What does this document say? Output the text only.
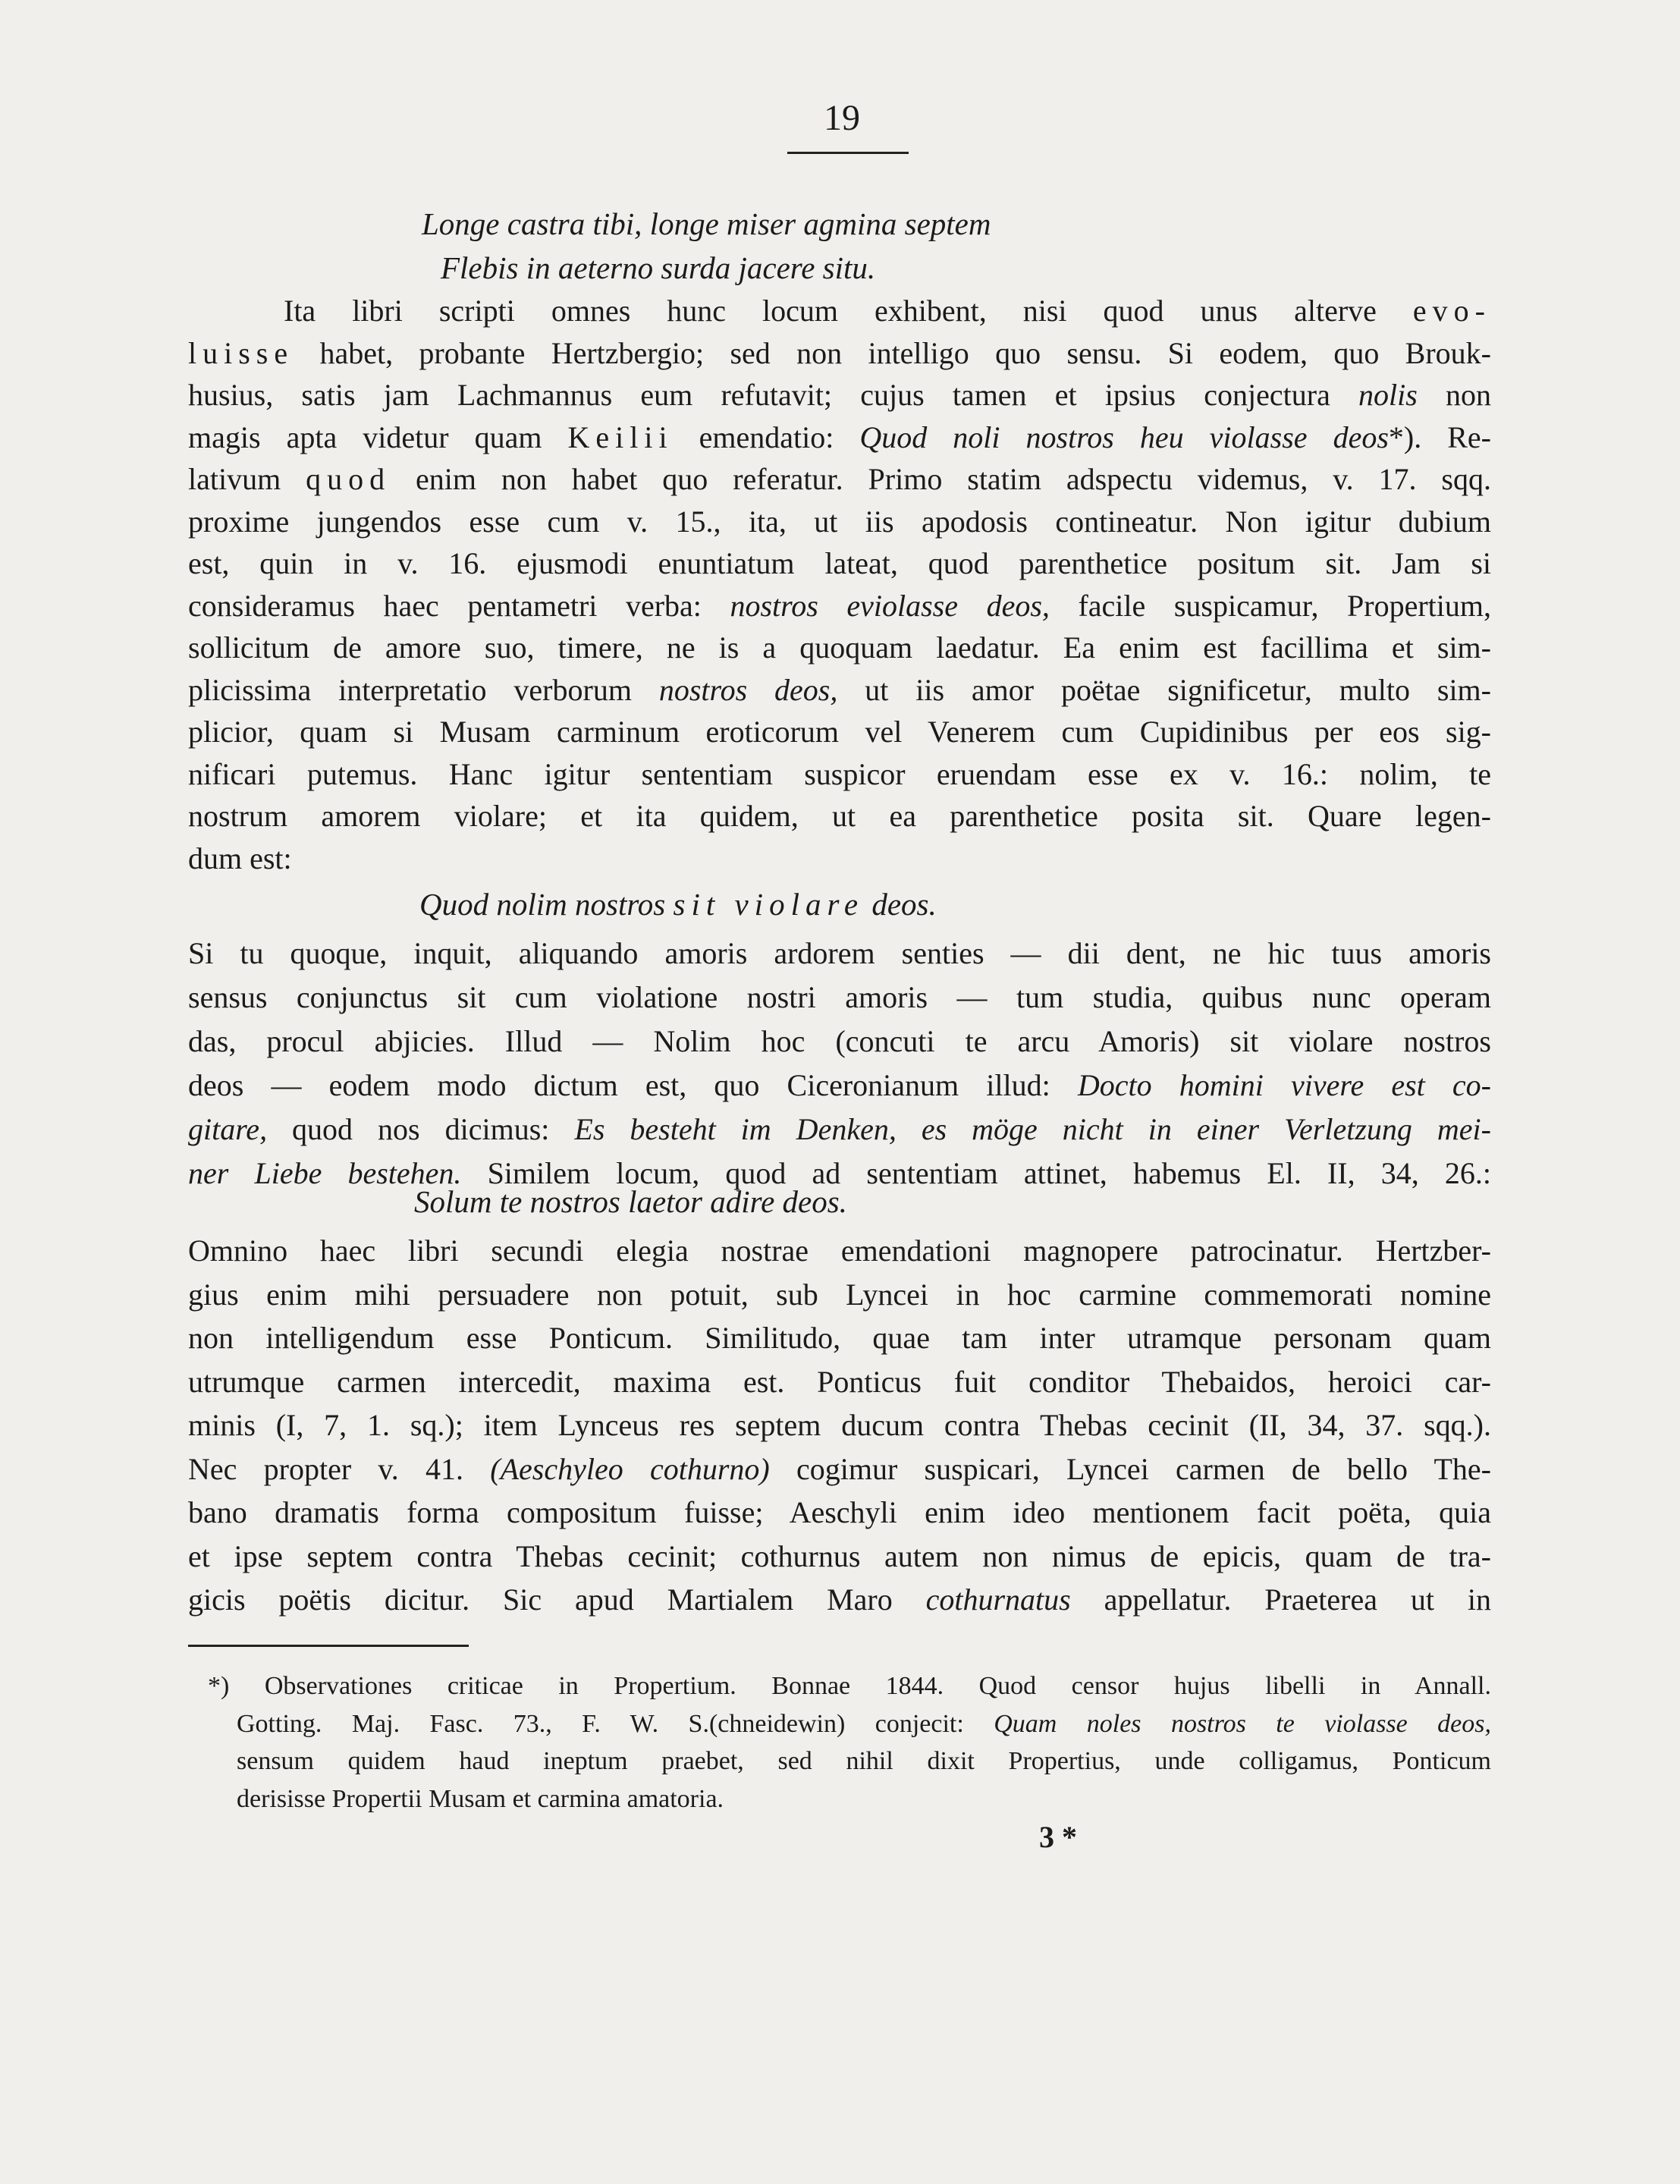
19
Longe castra tibi, longe miser agmina septem
Flebis in aeterno surda jacere situ.
Ita libri scripti omnes hunc locum exhibent, nisi quod unus alterve evo-
luisse habet, probante Hertzbergio; sed non intelligo quo sensu. Si eodem, quo Brouk-
husius, satis jam Lachmannus eum refutavit; cujus tamen et ipsius conjectura nolis non
magis apta videtur quam Keilii emendatio: Quod noli nostros heu violasse deos*). Re-
lativum quod enim non habet quo referatur. Primo statim adspectu videmus, v. 17. sqq.
proxime jungendos esse cum v. 15., ita, ut iis apodosis contineatur. Non igitur dubium
est, quin in v. 16. ejusmodi enuntiatum lateat, quod parenthetice positum sit. Jam si
consideramus haec pentametri verba: nostros eviolasse deos, facile suspicamur, Propertium,
sollicitum de amore suo, timere, ne is a quoquam laedatur. Ea enim est facillima et sim-
plicissima interpretatio verborum nostros deos, ut iis amor poëtae significetur, multo sim-
plicior, quam si Musam carminum eroticorum vel Venerem cum Cupidinibus per eos sig-
nificari putemus. Hanc igitur sententiam suspicor eruendam esse ex v. 16.: nolim, te
nostrum amorem violare; et ita quidem, ut ea parenthetice posita sit. Quare legen-
dum est:
Quod nolim nostros sit violare deos.
Si tu quoque, inquit, aliquando amoris ardorem senties — dii dent, ne hic tuus amoris
sensus conjunctus sit cum violatione nostri amoris — tum studia, quibus nunc operam
das, procul abjicies. Illud — Nolim hoc (concuti te arcu Amoris) sit violare nostros
deos — eodem modo dictum est, quo Ciceronianum illud: Docto homini vivere est co-
gitare, quod nos dicimus: Es besteht im Denken, es möge nicht in einer Verletzung mei-
ner Liebe bestehen. Similem locum, quod ad sententiam attinet, habemus El. II, 34, 26.:
Solum te nostros laetor adire deos.
Omnino haec libri secundi elegia nostrae emendationi magnopere patrocinatur. Hertzber-
gius enim mihi persuadere non potuit, sub Lyncei in hoc carmine commemorati nomine
non intelligendum esse Ponticum. Similitudo, quae tam inter utramque personam quam
utrumque carmen intercedit, maxima est. Ponticus fuit conditor Thebaidos, heroici car-
minis (I, 7, 1. sq.); item Lynceus res septem ducum contra Thebas cecinit (II, 34, 37. sqq.).
Nec propter v. 41. (Aeschyleo cothurno) cogimur suspicari, Lyncei carmen de bello The-
bano dramatis forma compositum fuisse; Aeschyli enim ideo mentionem facit poëta, quia
et ipse septem contra Thebas cecinit; cothurnus autem non nimus de epicis, quam de tra-
gicis poëtis dicitur. Sic apud Martialem Maro cothurnatus appellatur. Praeterea ut in
*) Observationes criticae in Propertium. Bonnae 1844. Quod censor hujus libelli in Annall.
Gotting. Maj. Fasc. 73., F. W. S.(chneidewin) conjecit: Quam noles nostros te violasse deos,
sensum quidem haud ineptum praebet, sed nihil dixit Propertius, unde colligamus, Ponticum
derisisse Propertii Musam et carmina amatoria.
3 *
